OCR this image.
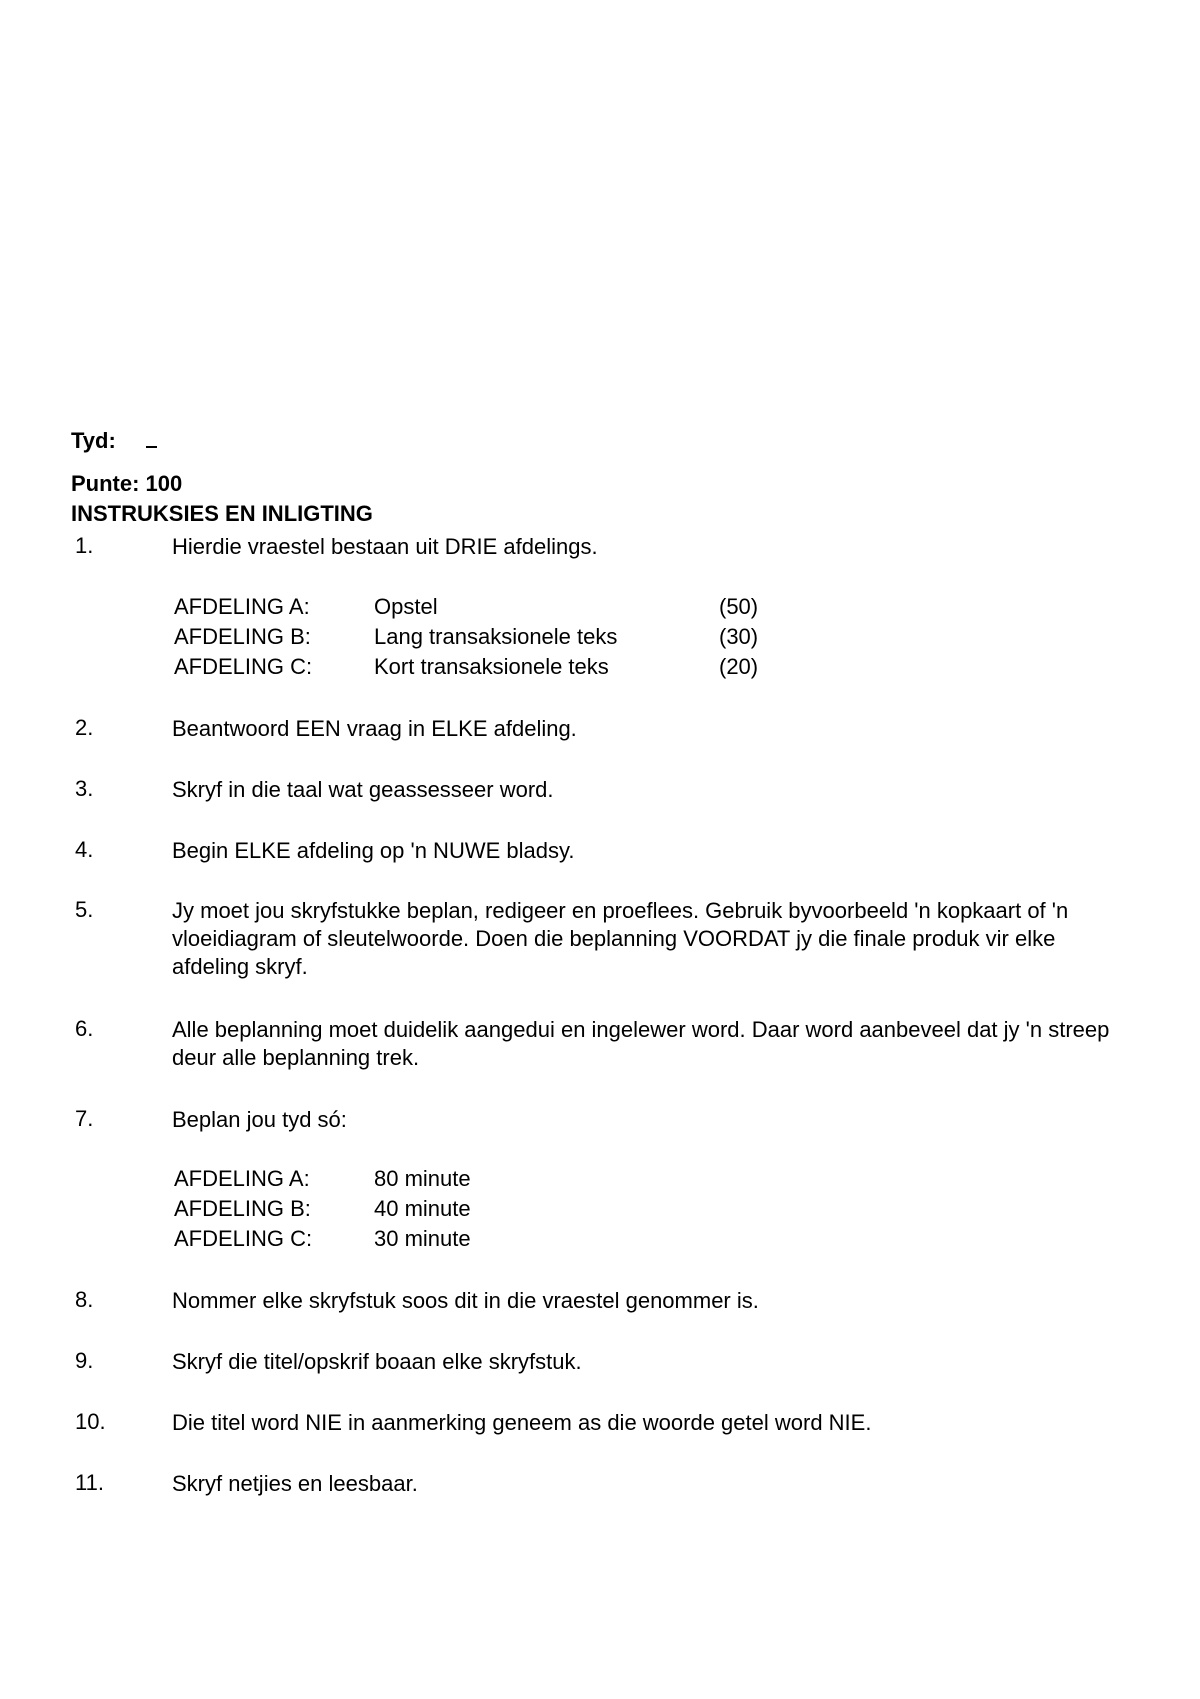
Tyd:
Punte: 100
INSTRUKSIES EN INLIGTING
1.	Hierdie vraestel bestaan uit DRIE afdelings.
AFDELING A:	Opstel	(50)
AFDELING B:	Lang transaksionele teks	(30)
AFDELING C:	Kort transaksionele teks	(20)
2.	Beantwoord EEN vraag in ELKE afdeling.
3.	Skryf in die taal wat geassesseer word.
4.	Begin ELKE afdeling op 'n NUWE bladsy.
5.	Jy moet jou skryfstukke beplan, redigeer en proeflees. Gebruik byvoorbeeld 'n kopkaart of 'n vloeidiagram of sleutelwoorde. Doen die beplanning VOORDAT jy die finale produk vir elke afdeling skryf.
6.	Alle beplanning moet duidelik aangedui en ingelewer word. Daar word aanbeveel dat jy 'n streep deur alle beplanning trek.
7.	Beplan jou tyd só:
AFDELING A:	80 minute
AFDELING B:	40 minute
AFDELING C:	30 minute
8.	Nommer elke skryfstuk soos dit in die vraestel genommer is.
9.	Skryf die titel/opskrif boaan elke skryfstuk.
10.	Die titel word NIE in aanmerking geneem as die woorde getel word NIE.
11.	Skryf netjies en leesbaar.
